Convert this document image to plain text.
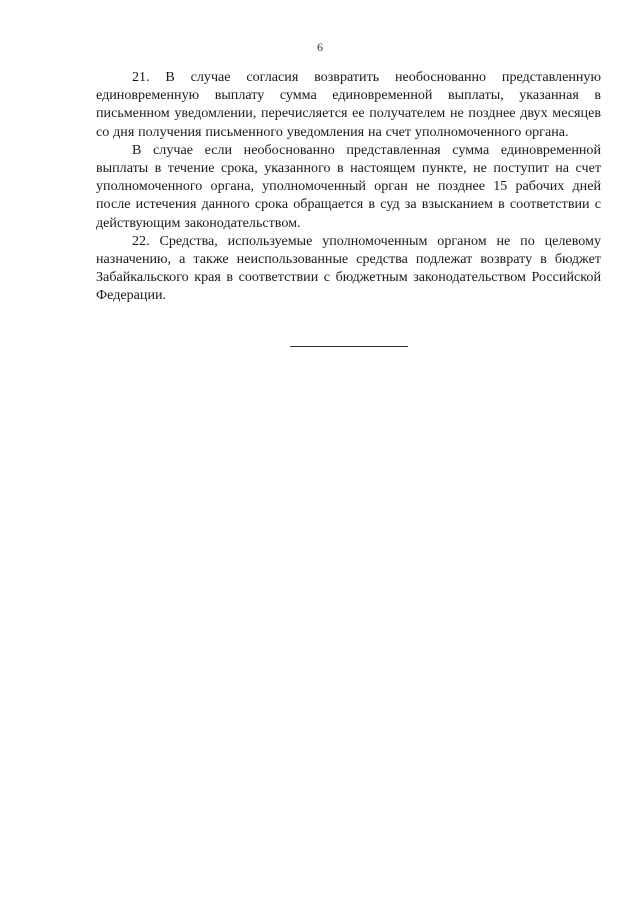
6

21. В случае согласия возвратить необоснованно представленную единовременную выплату сумма единовременной выплаты, указанная в письменном уведомлении, перечисляется ее получателем не позднее двух месяцев со дня получения письменного уведомления на счет уполномоченного органа.

В случае если необоснованно представленная сумма единовременной выплаты в течение срока, указанного в настоящем пункте, не поступит на счет уполномоченного органа, уполномоченный орган не позднее 15 рабочих дней после истечения данного срока обращается в суд за взысканием в соответствии с действующим законодательством.

22. Средства, используемые уполномоченным органом не по целевому назначению, а также неиспользованные средства подлежат возврату в бюджет Забайкальского края в соответствии с бюджетным законодательством Российской Федерации.
